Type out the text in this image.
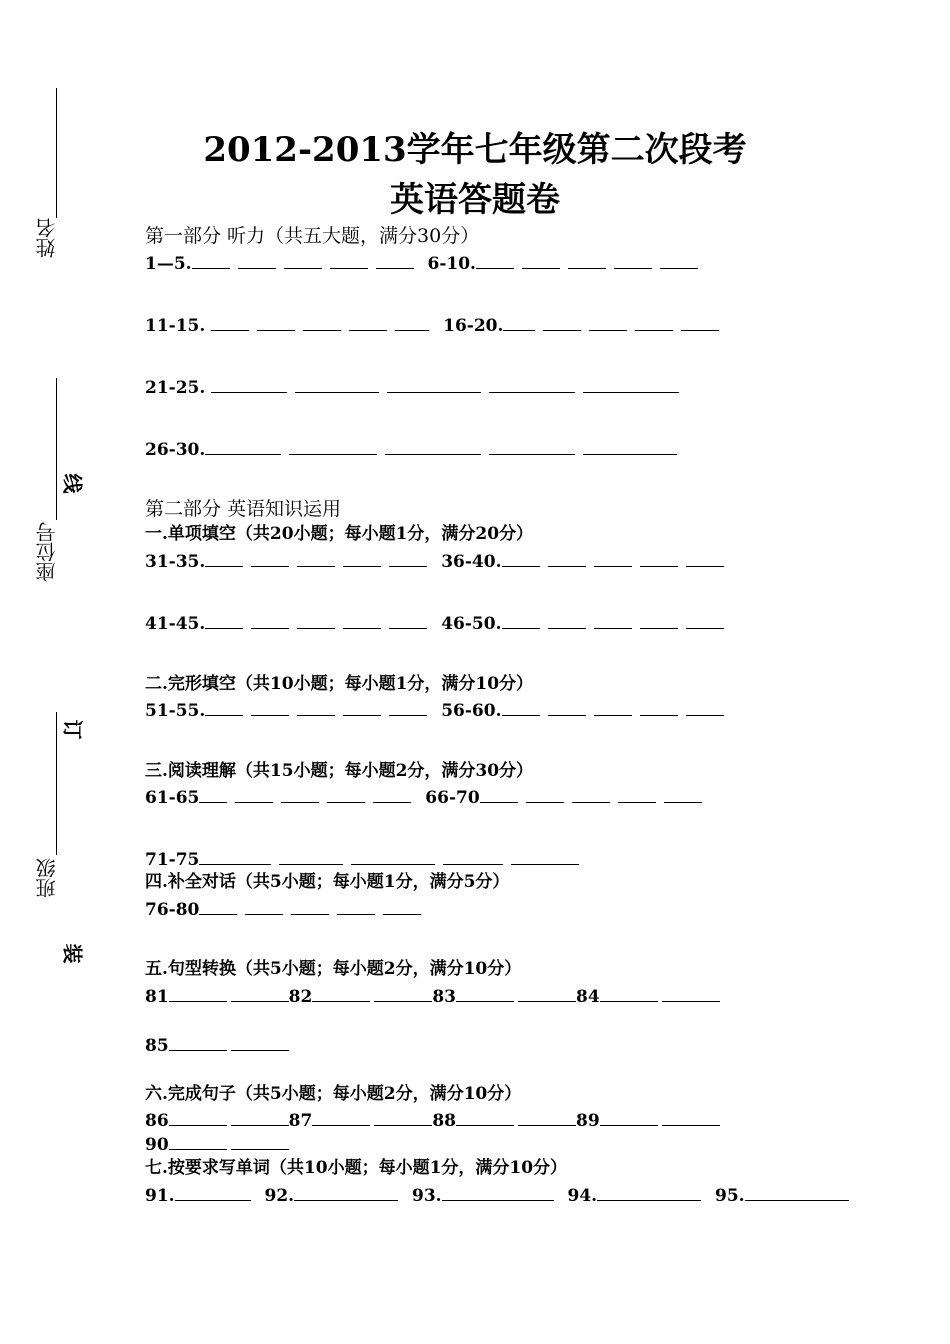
姓名
座位号
线
班级
订
装
2012-2013学年七年级第二次段考
英语答题卷
第一部分 听力（共五大题，满分30分）
1—5.	6-10.
11-15.	16-20.
21-25.
26-30.
第二部分 英语知识运用
一.单项填空（共20小题；每小题1分，满分20分）
31-35.	36-40.
41-45.	46-50.
二.完形填空（共10小题；每小题1分，满分10分）
51-55.	56-60.
三.阅读理解（共15小题；每小题2分，满分30分）
61-65	66-70
71-75
四.补全对话（共5小题；每小题1分，满分5分）
76-80
五.句型转换（共5小题；每小题2分，满分10分）
81	82	83	84
85
六.完成句子（共5小题；每小题2分，满分10分）
86	87	88	89
90
七.按要求写单词（共10小题；每小题1分，满分10分）
91.	92.	93.	94.	95.
